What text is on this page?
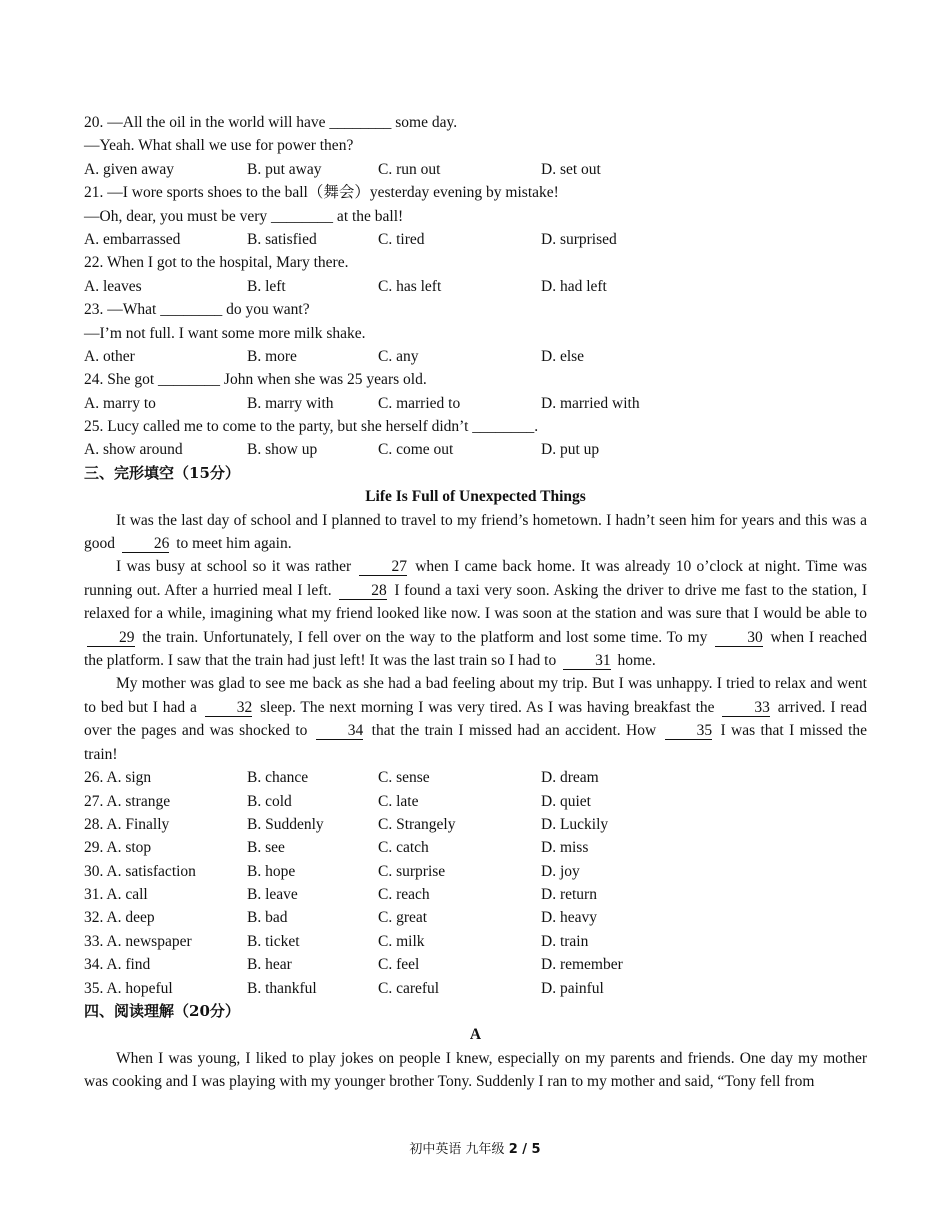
20. —All the oil in the world will have ________ some day.
—Yeah. What shall we use for power then?
A. given away	B. put away	C. run out	D. set out
21. —I wore sports shoes to the ball（舞会）yesterday evening by mistake!
—Oh, dear, you must be very ________ at the ball!
A. embarrassed	B. satisfied	C. tired	D. surprised
22. When I got to the hospital, Mary there.
A. leaves	B. left	C. has left	D. had left
23. —What ________ do you want?
—I’m not full. I want some more milk shake.
A. other	B. more	C. any	D. else
24. She got ________ John when she was 25 years old.
A. marry to	B. marry with	C. married to	D. married with
25. Lucy called me to come to the party, but she herself didn’t ________.
A. show around	B. show up	C. come out	D. put up
三、完形填空（15分）
Life Is Full of Unexpected Things
It was the last day of school and I planned to travel to my friend’s hometown. I hadn’t seen him for years and this was a good	26 to meet him again.
I was busy at school so it was rather	27 when I came back home. It was already 10 o’clock at night. Time was running out. After a hurried meal I left.	28 I found a taxi very soon. Asking the driver to drive me fast to the station, I relaxed for a while, imagining what my friend looked like now. I was soon at the station and was sure that I would be able to 29 the train. Unfortunately, I fell over on the way to the platform and lost some time. To my	30 when I reached the platform. I saw that the train had just left! It was the last train so I had to	31 home.
My mother was glad to see me back as she had a bad feeling about my trip. But I was unhappy. I tried to relax and went to bed but I had a	32 sleep. The next morning I was very tired. As I was having breakfast the	33 arrived. I read over the pages and was shocked to	34 that the train I missed had an accident. How	35 I was that I missed the train!
26. A. sign	B. chance	C. sense	D. dream
27. A. strange	B. cold	C. late	D. quiet
28. A. Finally	B. Suddenly	C. Strangely	D. Luckily
29. A. stop	B. see	C. catch	D. miss
30. A. satisfaction	B. hope	C. surprise	D. joy
31. A. call	B. leave	C. reach	D. return
32. A. deep	B. bad	C. great	D. heavy
33. A. newspaper	B. ticket	C. milk	D. train
34. A. find	B. hear	C. feel	D. remember
35. A. hopeful	B. thankful	C. careful	D. painful
四、阅读理解（20分）
A
When I was young, I liked to play jokes on people I knew, especially on my parents and friends. One day my mother was cooking and I was playing with my younger brother Tony. Suddenly I ran to my mother and said, “Tony fell from
初中英语 九年级 2 / 5
